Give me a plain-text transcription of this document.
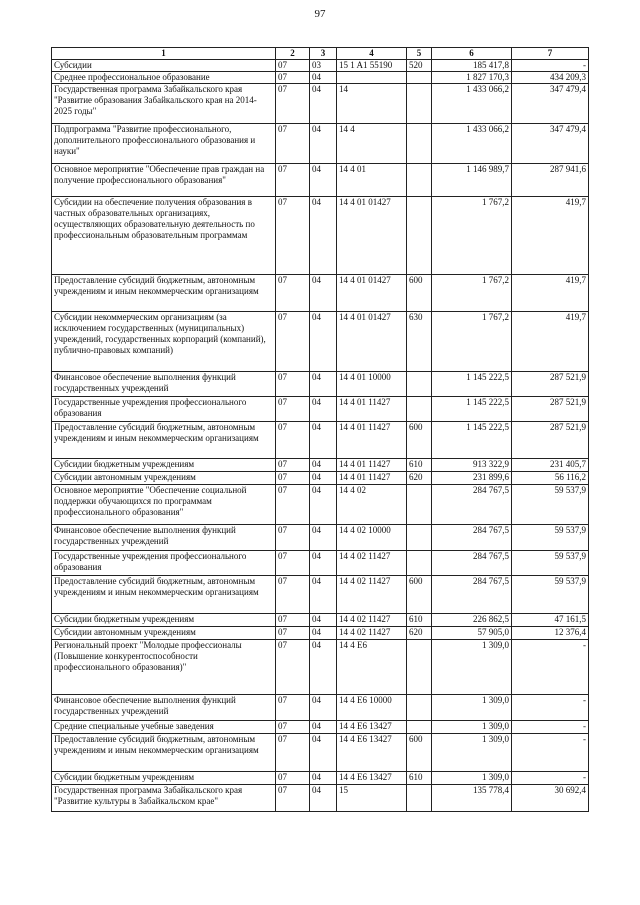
97
1	2	3	4	5	6	7
Субсидии	07	03	15 1 A1 55190	520	185 417,8	-
Среднее профессиональное образование	07	04			1 827 170,3	434 209,3
Государственная программа Забайкальского края "Развитие образования Забайкальского края на 2014-2025 годы"	07	04	14		1 433 066,2	347 479,4
Подпрограмма "Развитие профессионального, дополнительного профессионального образования и науки"	07	04	14 4		1 433 066,2	347 479,4
Основное мероприятие "Обеспечение прав граждан на получение профессионального образования"	07	04	14 4 01		1 146 989,7	287 941,6
Субсидии на обеспечение получения образования в частных образовательных организациях, осуществляющих образовательную деятельность по профессиональным образовательным программам	07	04	14 4 01 01427		1 767,2	419,7
Предоставление субсидий бюджетным, автономным учреждениям и иным некоммерческим организациям	07	04	14 4 01 01427	600	1 767,2	419,7
Субсидии некоммерческим организациям (за исключением государственных (муниципальных) учреждений, государственных корпораций (компаний), публично-правовых компаний)	07	04	14 4 01 01427	630	1 767,2	419,7
Финансовое обеспечение выполнения функций государственных учреждений	07	04	14 4 01 10000		1 145 222,5	287 521,9
Государственные учреждения профессионального образования	07	04	14 4 01 11427		1 145 222,5	287 521,9
Предоставление субсидий бюджетным, автономным учреждениям и иным некоммерческим организациям	07	04	14 4 01 11427	600	1 145 222,5	287 521,9
Субсидии бюджетным учреждениям	07	04	14 4 01 11427	610	913 322,9	231 405,7
Субсидии автономным учреждениям	07	04	14 4 01 11427	620	231 899,6	56 116,2
Основное мероприятие "Обеспечение социальной поддержки обучающихся по программам профессионального образования"	07	04	14 4 02		284 767,5	59 537,9
Финансовое обеспечение выполнения функций государственных учреждений	07	04	14 4 02 10000		284 767,5	59 537,9
Государственные учреждения профессионального образования	07	04	14 4 02 11427		284 767,5	59 537,9
Предоставление субсидий бюджетным, автономным учреждениям и иным некоммерческим организациям	07	04	14 4 02 11427	600	284 767,5	59 537,9
Субсидии бюджетным учреждениям	07	04	14 4 02 11427	610	226 862,5	47 161,5
Субсидии автономным учреждениям	07	04	14 4 02 11427	620	57 905,0	12 376,4
Региональный проект "Молодые профессионалы (Повышение конкурентоспособности профессионального образования)"	07	04	14 4 E6		1 309,0	-
Финансовое обеспечение выполнения функций государственных учреждений	07	04	14 4 E6 10000		1 309,0	-
Средние специальные учебные заведения	07	04	14 4 E6 13427		1 309,0	-
Предоставление субсидий бюджетным, автономным учреждениям и иным некоммерческим организациям	07	04	14 4 E6 13427	600	1 309,0	-
Субсидии бюджетным учреждениям	07	04	14 4 E6 13427	610	1 309,0	-
Государственная программа Забайкальского края "Развитие культуры в Забайкальском крае"	07	04	15		135 778,4	30 692,4
